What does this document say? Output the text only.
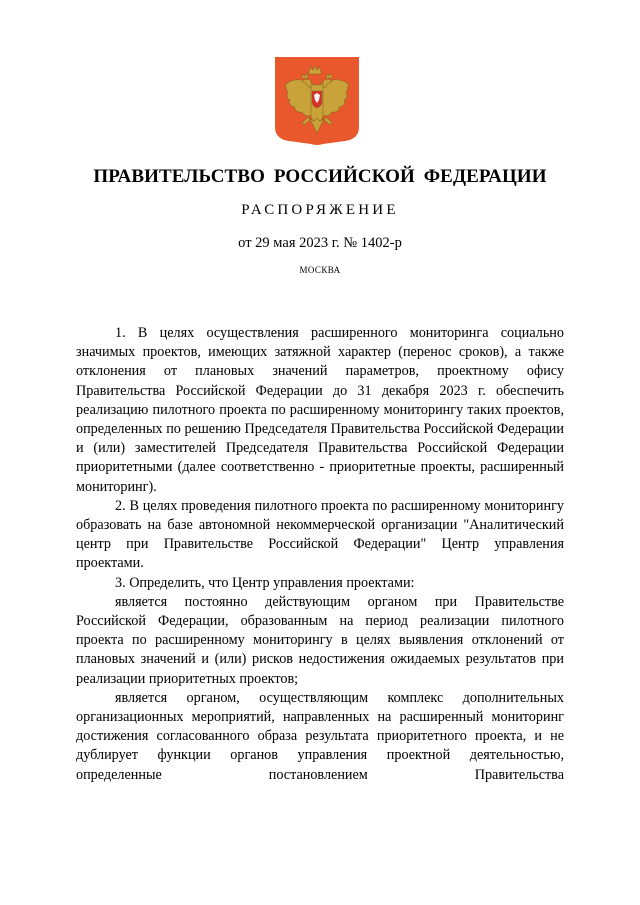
ПРАВИТЕЛЬСТВО РОССИЙСКОЙ ФЕДЕРАЦИИ
РАСПОРЯЖЕНИЕ
от 29 мая 2023 г. № 1402-р
МОСКВА

1. В целях осуществления расширенного мониторинга социально значимых проектов, имеющих затяжной характер (перенос сроков), а также отклонения от плановых значений параметров, проектному офису Правительства Российской Федерации до 31 декабря 2023 г. обеспечить реализацию пилотного проекта по расширенному мониторингу таких проектов, определенных по решению Председателя Правительства Российской Федерации и (или) заместителей Председателя Правительства Российской Федерации приоритетными (далее соответственно - приоритетные проекты, расширенный мониторинг).

2. В целях проведения пилотного проекта по расширенному мониторингу образовать на базе автономной некоммерческой организации "Аналитический центр при Правительстве Российской Федерации" Центр управления проектами.

3. Определить, что Центр управления проектами:

является постоянно действующим органом при Правительстве Российской Федерации, образованным на период реализации пилотного проекта по расширенному мониторингу в целях выявления отклонений от плановых значений и (или) рисков недостижения ожидаемых результатов при реализации приоритетных проектов;

является органом, осуществляющим комплекс дополнительных организационных мероприятий, направленных на расширенный мониторинг достижения согласованного образа результата приоритетного проекта, и не дублирует функции органов управления проектной деятельностью, определенные постановлением Правительства
